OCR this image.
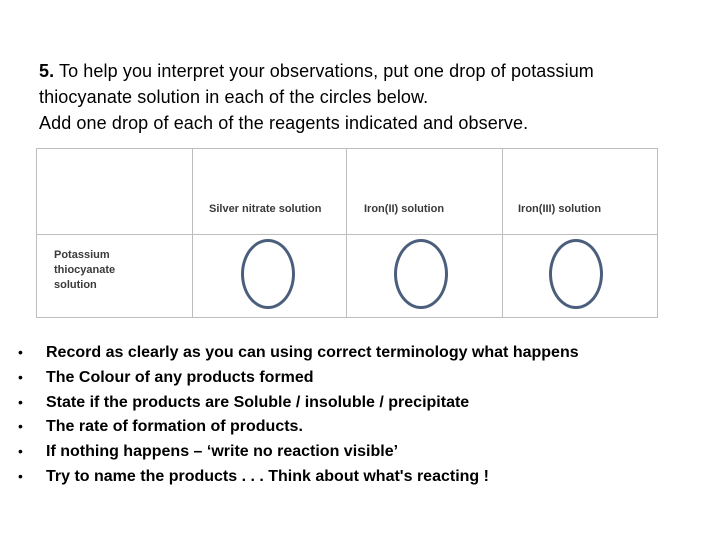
5. To help you interpret your observations, put one drop of potassium
thiocyanate solution in each of the circles below.
Add one drop of each of the reagents indicated and observe.
Silver nitrate solution	Iron(II) solution	Iron(III) solution
Potassium
thiocyanate
solution
• Record as clearly as you can using correct terminology what happens
• The Colour of any products formed
• State if the products are Soluble / insoluble / precipitate
• The rate of formation of products.
• If nothing happens – ‘write no reaction visible’
• Try to name the products . . . Think about what's reacting !
